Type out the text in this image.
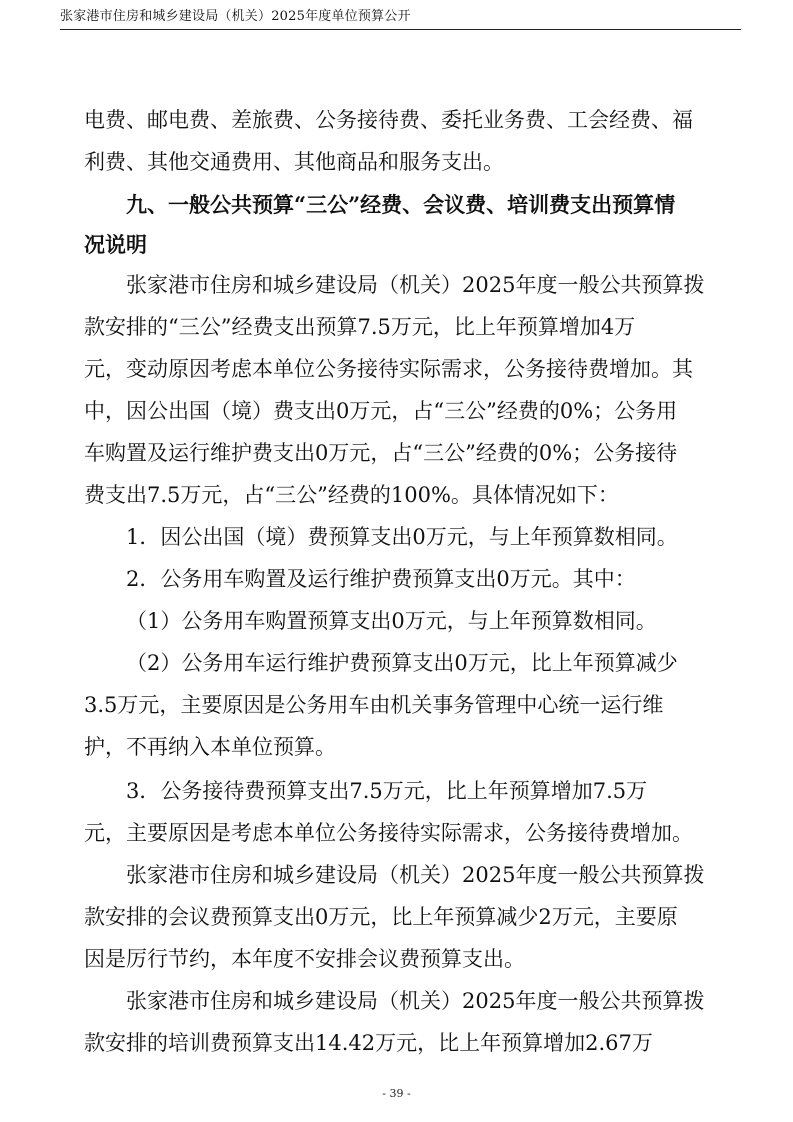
张家港市住房和城乡建设局（机关）2025年度单位预算公开
电费、邮电费、差旅费、公务接待费、委托业务费、工会经费、福
利费、其他交通费用、其他商品和服务支出。
九、一般公共预算“三公”经费、会议费、培训费支出预算情
况说明
张家港市住房和城乡建设局（机关）2025年度一般公共预算拨
款安排的“三公”经费支出预算7.5万元，比上年预算增加4万
元，变动原因考虑本单位公务接待实际需求，公务接待费增加。其
中，因公出国（境）费支出0万元，占“三公”经费的0%；公务用
车购置及运行维护费支出0万元，占“三公”经费的0%；公务接待
费支出7.5万元，占“三公”经费的100%。具体情况如下：
1．因公出国（境）费预算支出0万元，与上年预算数相同。
2．公务用车购置及运行维护费预算支出0万元。其中：
（1）公务用车购置预算支出0万元，与上年预算数相同。
（2）公务用车运行维护费预算支出0万元，比上年预算减少
3.5万元，主要原因是公务用车由机关事务管理中心统一运行维
护，不再纳入本单位预算。
3．公务接待费预算支出7.5万元，比上年预算增加7.5万
元，主要原因是考虑本单位公务接待实际需求，公务接待费增加。
张家港市住房和城乡建设局（机关）2025年度一般公共预算拨
款安排的会议费预算支出0万元，比上年预算减少2万元，主要原
因是厉行节约，本年度不安排会议费预算支出。
张家港市住房和城乡建设局（机关）2025年度一般公共预算拨
款安排的培训费预算支出14.42万元，比上年预算增加2.67万
- 39 -
